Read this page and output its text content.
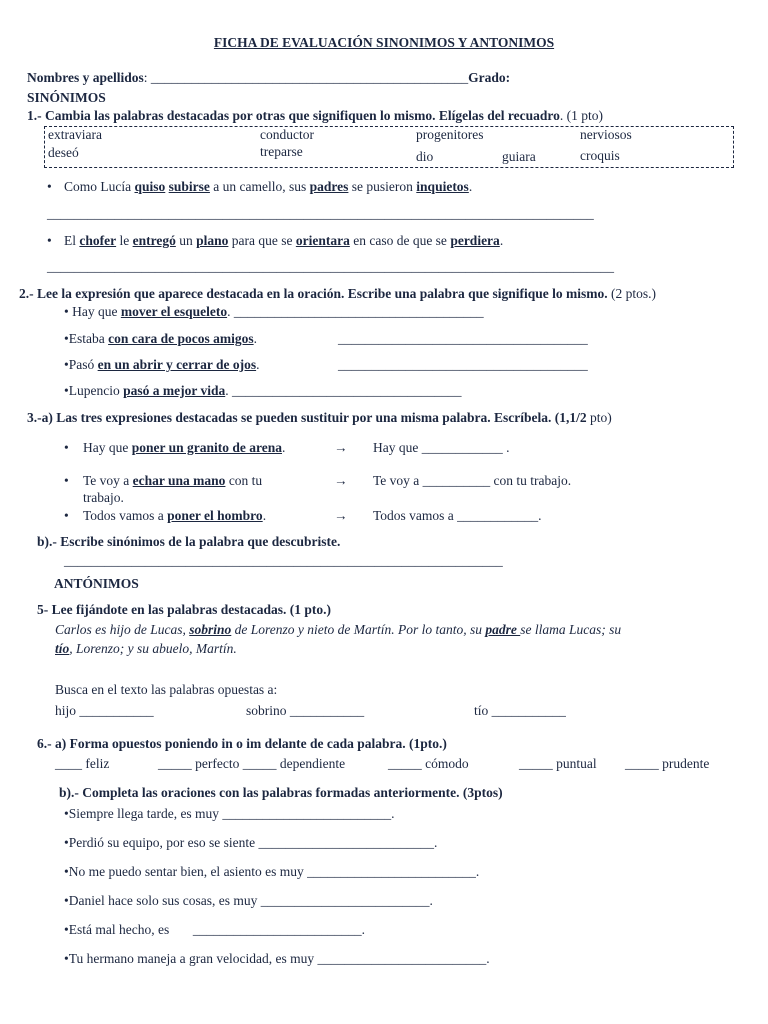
FICHA DE EVALUACIÓN SINONIMOS Y ANTONIMOS
Nombres y apellidos: _______________________________________________Grado:
SINÓNIMOS
1.- Cambia las palabras destacadas por otras que signifiquen lo mismo. Elígelas del recuadro. (1 pto)
extraviara	conductor	progenitores	nerviosos
deseó	treparse	dio	guiara	croquis
•
Como Lucía quiso subirse a un camello, sus padres se pusieron inquietos.
_________________________________________________________________________________
•
El chofer le entregó un plano para que se orientara en caso de que se perdiera.
____________________________________________________________________________________
2.- Lee la expresión que aparece destacada en la oración. Escribe una palabra que signifique lo mismo. (2 ptos.)
• Hay que mover el esqueleto. _____________________________________
• Estaba con cara de pocos amigos.	_____________________________________
• Pasó en un abrir y cerrar de ojos.	_____________________________________
• Lupencio pasó a mejor vida. __________________________________
3.-a) Las tres expresiones destacadas se pueden sustituir por una misma palabra. Escríbela. (1,1/2 pto)
•
Hay que poner un granito de arena.	→ Hay que ____________ .
•
Te voy a echar una mano con tu
trabajo.
→ Te voy a __________ con tu trabajo.
•
Todos vamos a poner el hombro.	→ Todos vamos a ____________.
b).- Escribe sinónimos de la palabra que descubriste.
_________________________________________________________________
ANTÓNIMOS
5- Lee fijándote en las palabras destacadas. (1 pto.)
Carlos es hijo de Lucas, sobrino de Lorenzo y nieto de Martín. Por lo tanto, su padre se llama Lucas; su
tío, Lorenzo; y su abuelo, Martín.
Busca en el texto las palabras opuestas a:
hijo ___________	sobrino ___________	tío ___________
6.- a) Forma opuestos poniendo in o im delante de cada palabra. (1pto.)
____ feliz	_____ perfecto _____ dependiente	_____ cómodo	_____ puntual _____ prudente
b).- Completa las oraciones con las palabras formadas anteriormente. (3ptos)
• Siempre llega tarde, es muy _________________________.
• Perdió su equipo, por eso se siente __________________________.
• No me puedo sentar bien, el asiento es muy _________________________.
• Daniel hace solo sus cosas, es muy _________________________.
• Está mal hecho, es       _________________________.
• Tu hermano maneja a gran velocidad, es muy _________________________.
